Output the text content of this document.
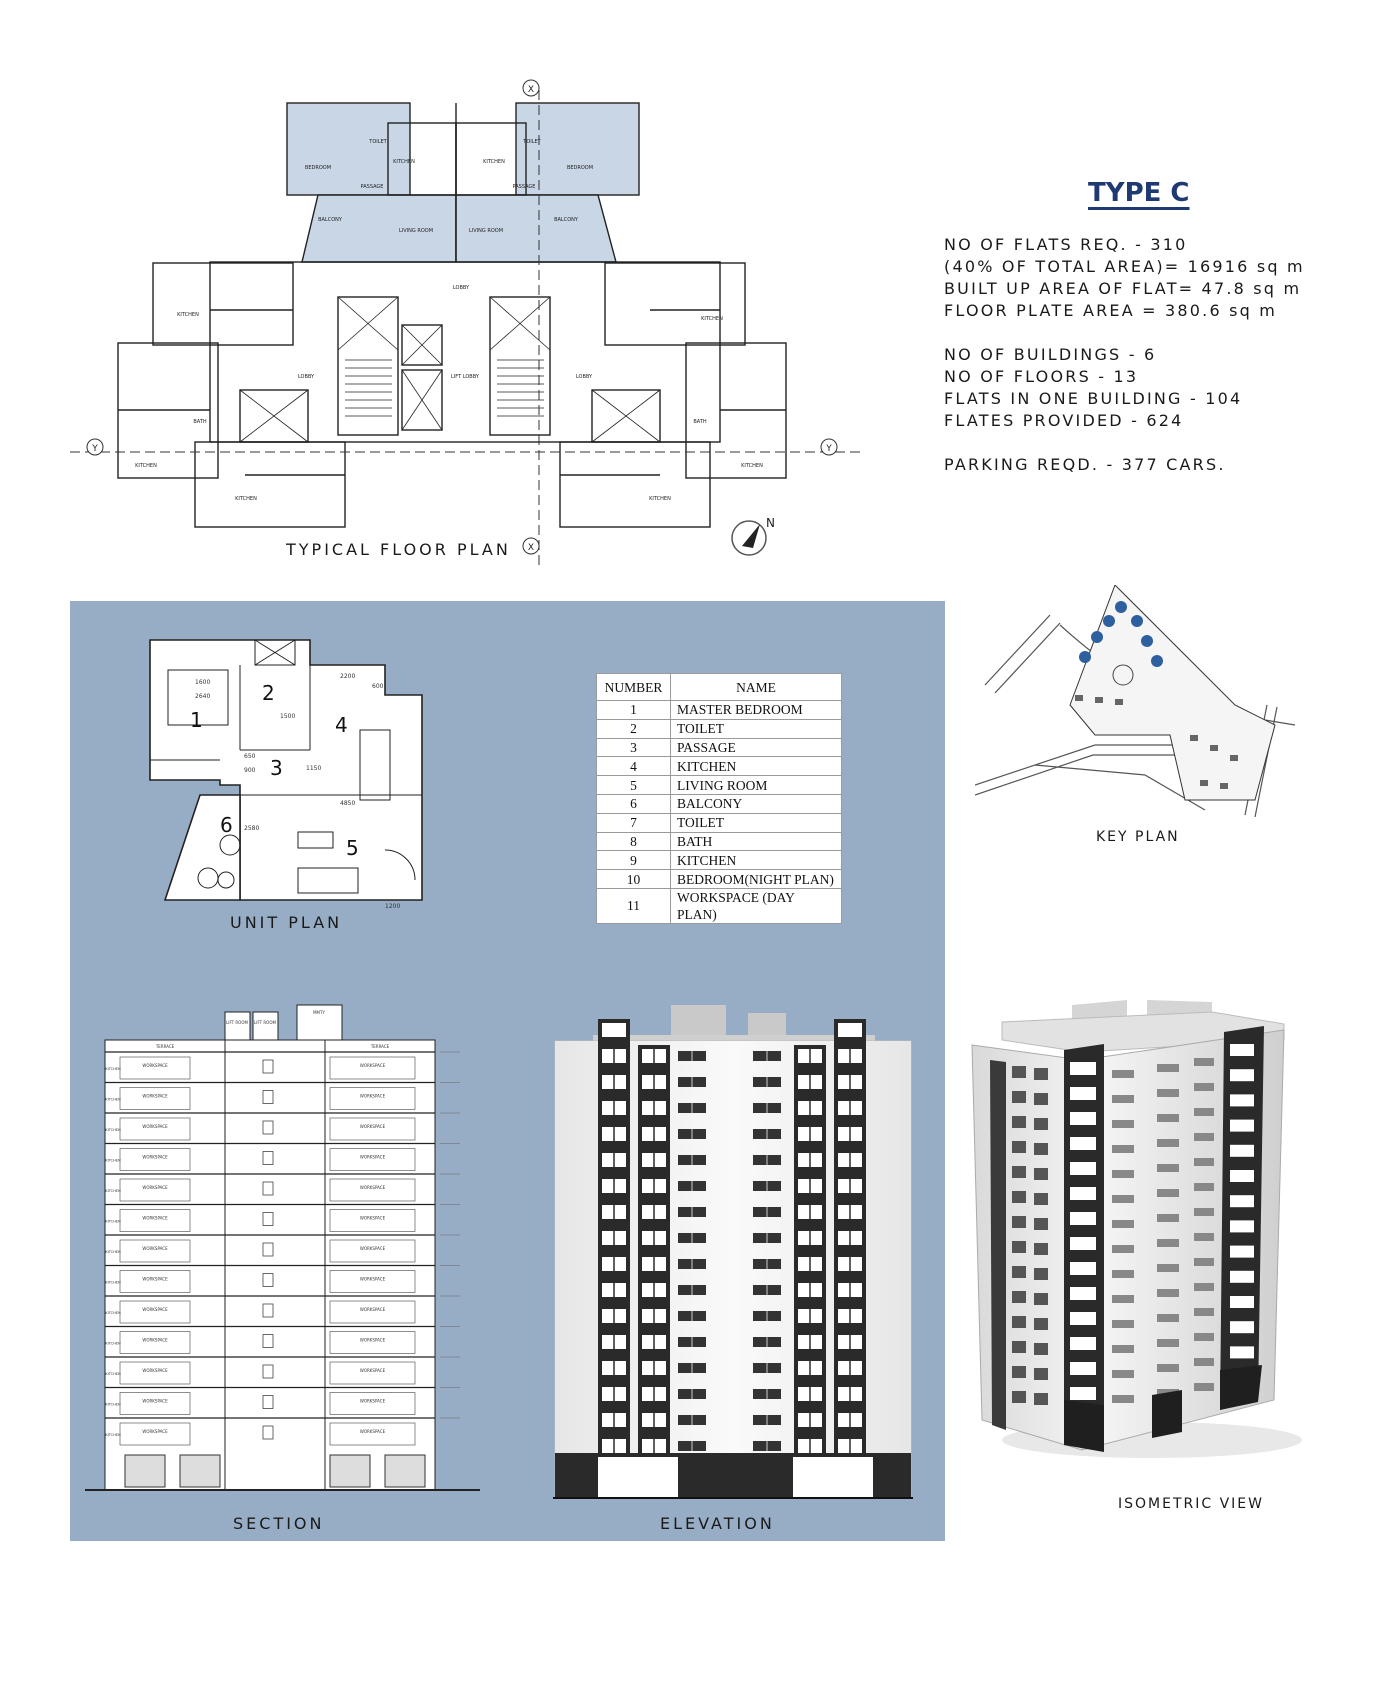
X
X
Y	Y
N
BEDROOM	BEDROOM
TOILET	TOILET
KITCHEN	KITCHEN
PASSAGE	PASSAGE
BALCONY	BALCONY
LIVING ROOM	LIVING ROOM
LOBBY
LOBBY	LOBBY
LIFT LOBBY
KITCHEN
KITCHEN
KITCHEN	KITCHEN
KITCHEN	KITCHEN
BATH	BATH
TYPICAL FLOOR PLAN
TYPE C
NO OF FLATS REQ. - 310
(40% OF TOTAL AREA)= 16916 sq m
BUILT UP AREA OF FLAT= 47.8 sq m
FLOOR PLATE AREA = 380.6 sq m
NO OF BUILDINGS - 6
NO OF FLOORS - 13
FLATS IN ONE BUILDING - 104
FLATES PROVIDED - 624
PARKING REQD. - 377 CARS.
1
2
3
4
5
6
1600
2640
1500
2200
600
650
900	1150
4850
2580
1200
UNIT PLAN
NUMBER	NAME
1	MASTER BEDROOM
2	TOILET
3	PASSAGE
4	KITCHEN
5	LIVING ROOM
6	BALCONY
7	TOILET
8	BATH
9	KITCHEN
10	BEDROOM(NIGHT PLAN)
11	WORKSPACE (DAY PLAN)
LIFT ROOM LIFT ROOM
MMTY
TERRACE	TERRACE
WORKSPACE	WORKSPACE
KITCHEN
WORKSPACE	WORKSPACE
KITCHEN
WORKSPACE	WORKSPACE
KITCHEN
WORKSPACE	WORKSPACE
KITCHEN
WORKSPACE	WORKSPACE
KITCHEN
WORKSPACE	WORKSPACE
KITCHEN
WORKSPACE	WORKSPACE
KITCHEN
WORKSPACE	WORKSPACE
KITCHEN
WORKSPACE	WORKSPACE
KITCHEN
WORKSPACE	WORKSPACE
KITCHEN
WORKSPACE	WORKSPACE
KITCHEN
WORKSPACE	WORKSPACE
KITCHEN
WORKSPACE	WORKSPACE
KITCHEN
SECTION	ELEVATION
KEY PLAN
ISOMETRIC VIEW
